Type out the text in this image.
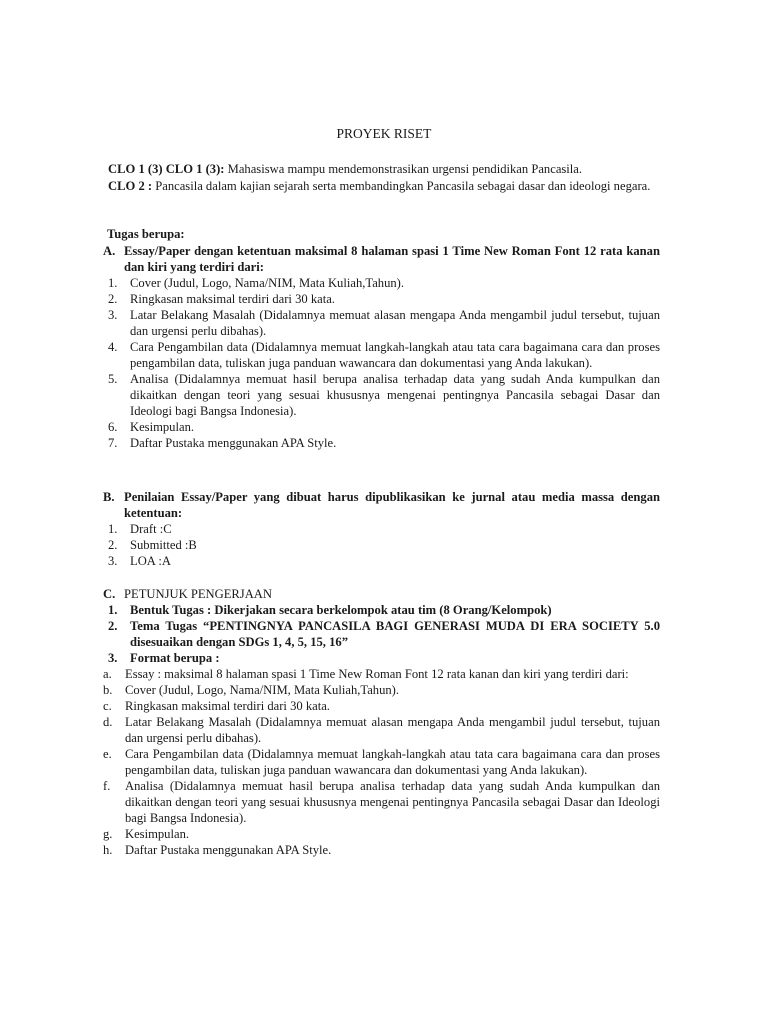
PROYEK RISET
CLO 1 (3) CLO 1 (3): Mahasiswa mampu mendemonstrasikan urgensi pendidikan Pancasila.
CLO 2 : Pancasila dalam kajian sejarah serta membandingkan Pancasila sebagai dasar dan ideologi negara.
Tugas berupa:
A. Essay/Paper dengan ketentuan maksimal 8 halaman spasi 1 Time New Roman Font 12 rata kanan dan kiri yang terdiri dari:
1. Cover (Judul, Logo, Nama/NIM, Mata Kuliah,Tahun).
2. Ringkasan maksimal terdiri dari 30 kata.
3. Latar Belakang Masalah (Didalamnya memuat alasan mengapa Anda mengambil judul tersebut, tujuan dan urgensi perlu dibahas).
4. Cara Pengambilan data (Didalamnya memuat langkah-langkah atau tata cara bagaimana cara dan proses pengambilan data, tuliskan juga panduan wawancara dan dokumentasi yang Anda lakukan).
5. Analisa (Didalamnya memuat hasil berupa analisa terhadap data yang sudah Anda kumpulkan dan dikaitkan dengan teori yang sesuai khususnya mengenai pentingnya Pancasila sebagai Dasar dan Ideologi bagi Bangsa Indonesia).
6. Kesimpulan.
7. Daftar Pustaka menggunakan APA Style.
B. Penilaian Essay/Paper yang dibuat harus dipublikasikan ke jurnal atau media massa dengan ketentuan:
1. Draft :C
2. Submitted :B
3. LOA :A
C. PETUNJUK PENGERJAAN
1. Bentuk Tugas : Dikerjakan secara berkelompok atau tim (8 Orang/Kelompok)
2. Tema Tugas “PENTINGNYA PANCASILA BAGI GENERASI MUDA DI ERA SOCIETY 5.0 disesuaikan dengan SDGs 1, 4, 5, 15, 16”
3. Format berupa :
a. Essay : maksimal 8 halaman spasi 1 Time New Roman Font 12 rata kanan dan kiri yang terdiri dari:
b. Cover (Judul, Logo, Nama/NIM, Mata Kuliah,Tahun).
c. Ringkasan maksimal terdiri dari 30 kata.
d. Latar Belakang Masalah (Didalamnya memuat alasan mengapa Anda mengambil judul tersebut, tujuan dan urgensi perlu dibahas).
e. Cara Pengambilan data (Didalamnya memuat langkah-langkah atau tata cara bagaimana cara dan proses pengambilan data, tuliskan juga panduan wawancara dan dokumentasi yang Anda lakukan).
f. Analisa (Didalamnya memuat hasil berupa analisa terhadap data yang sudah Anda kumpulkan dan dikaitkan dengan teori yang sesuai khususnya mengenai pentingnya Pancasila sebagai Dasar dan Ideologi bagi Bangsa Indonesia).
g. Kesimpulan.
h. Daftar Pustaka menggunakan APA Style.
